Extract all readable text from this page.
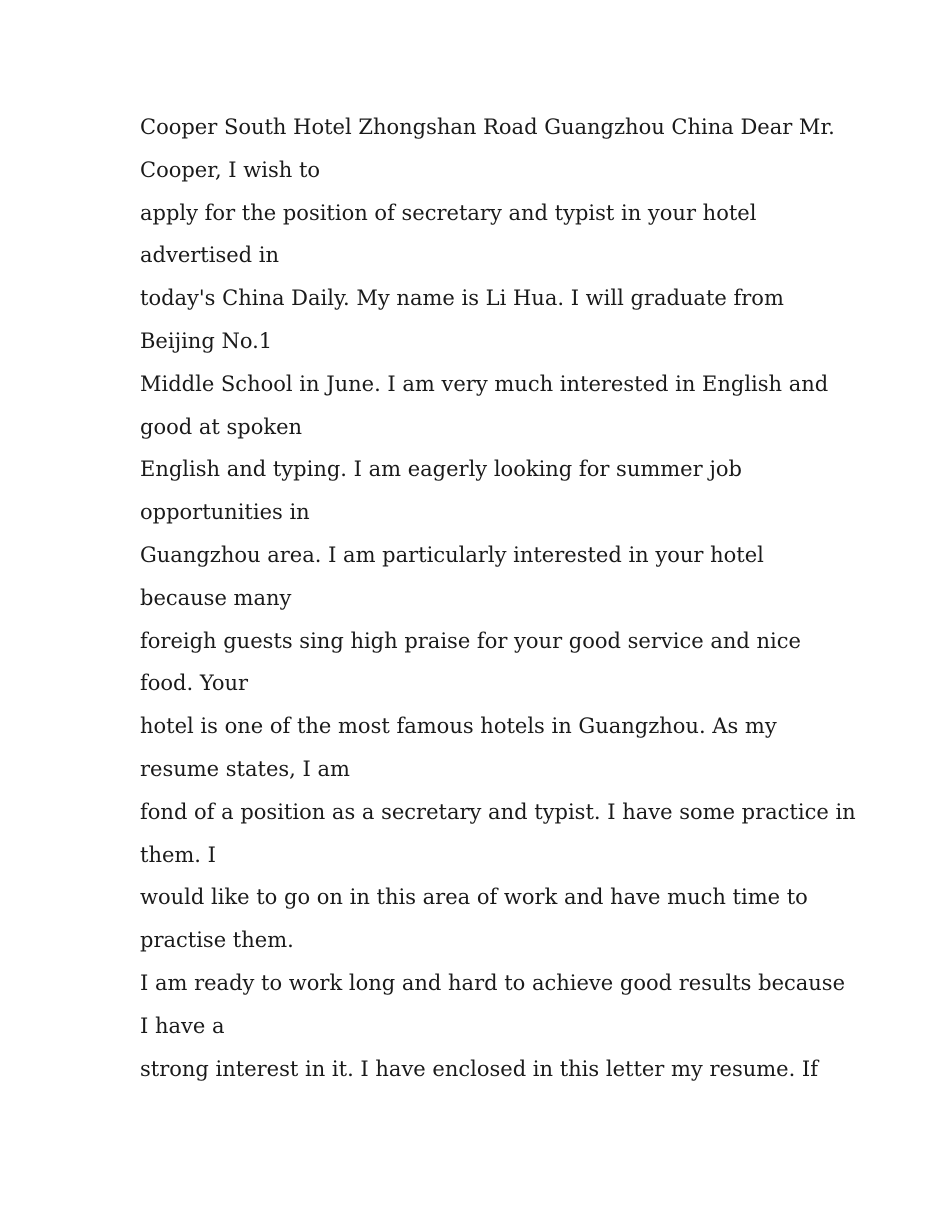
Cooper South Hotel Zhongshan Road Guangzhou China Dear Mr.
Cooper, I wish to
apply for the position of secretary and typist in your hotel
advertised in
today's China Daily. My name is Li Hua. I will graduate from
Beijing No.1
Middle School in June. I am very much interested in English and
good at spoken
English and typing. I am eagerly looking for summer job
opportunities in
Guangzhou area. I am particularly interested in your hotel
because many
foreigh guests sing high praise for your good service and nice
food. Your
hotel is one of the most famous hotels in Guangzhou. As my
resume states, I am
fond of a position as a secretary and typist. I have some practice in
them. I
would like to go on in this area of work and have much time to
practise them.
I am ready to work long and hard to achieve good results because
I have a
strong interest in it. I have enclosed in this letter my resume. If
